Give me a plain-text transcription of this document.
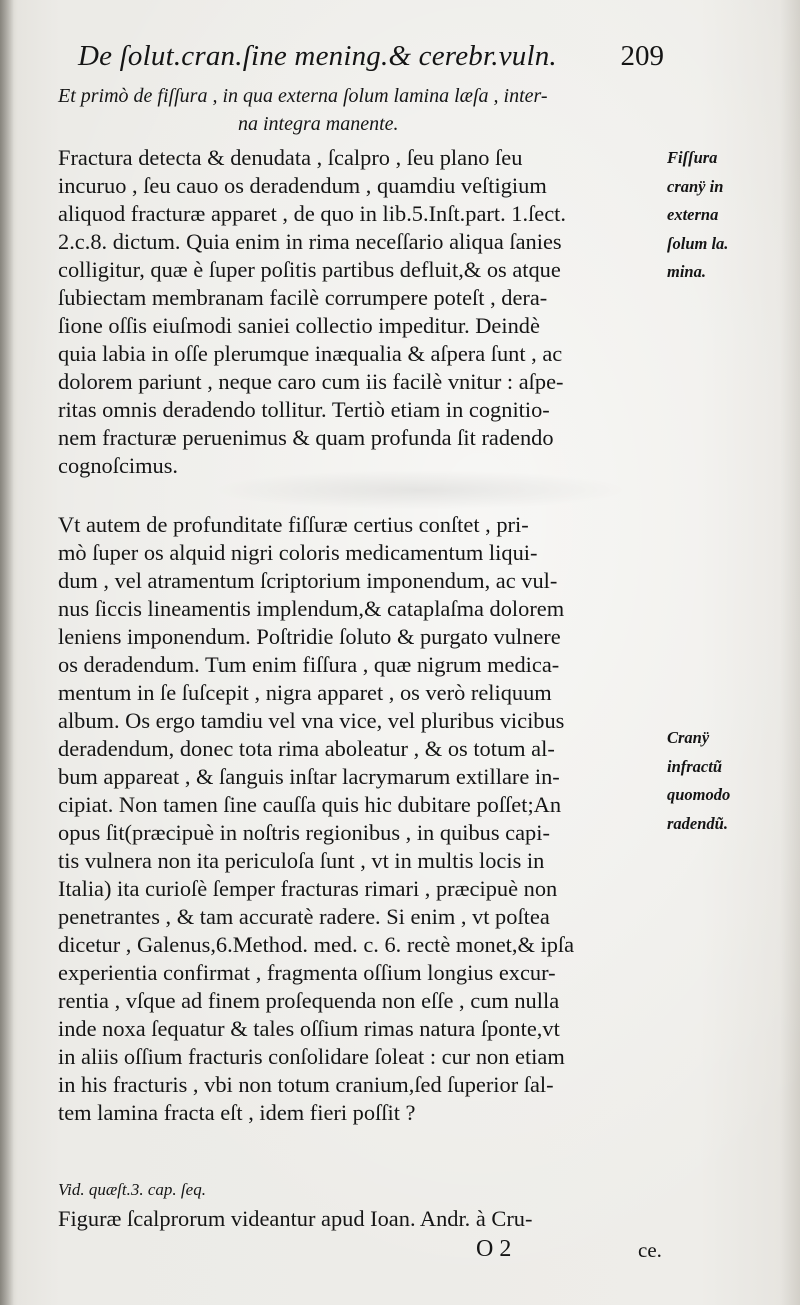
De ſolut.cran.ſine mening.& cerebr.vuln. 209
Et primò de fiſſura , in qua externa ſolum lamina læſa , inter-
na integra manente.
Fractura detecta & denudata , ſcalpro , ſeu plano ſeu
incuruo , ſeu cauo os deradendum , quamdiu veſtigium
aliquod fracturæ apparet , de quo in lib.5.Inſt.part. 1.ſect.
2.c.8. dictum. Quia enim in rima neceſſario aliqua ſanies
colligitur, quæ è ſuper poſitis partibus defluit,& os atque
ſubiectam membranam facilè corrumpere poteſt , dera-
ſione oſſis eiuſmodi saniei collectio impeditur. Deindè
quia labia in oſſe plerumque inæqualia & aſpera ſunt , ac
dolorem pariunt , neque caro cum iis facilè vnitur : aſpe-
ritas omnis deradendo tollitur. Tertiò etiam in cognitio-
nem fracturæ peruenimus & quam profunda ſit radendo
cognoſcimus.
Fiſſura
cranÿ in
externa
ſolum la.
mina.
Vt autem de profunditate fiſſuræ certius conſtet , pri-
mò ſuper os alquid nigri coloris medicamentum liqui-
dum , vel atramentum ſcriptorium imponendum, ac vul-
nus ſiccis lineamentis implendum,& cataplaſma dolorem
leniens imponendum. Poſtridie ſoluto & purgato vulnere
os deradendum. Tum enim fiſſura , quæ nigrum medica-
mentum in ſe ſuſcepit , nigra apparet , os verò reliquum
album. Os ergo tamdiu vel vna vice, vel pluribus vicibus
deradendum, donec tota rima aboleatur , & os totum al-
bum appareat , & ſanguis inſtar lacrymarum extillare in-
cipiat. Non tamen ſine cauſſa quis hic dubitare poſſet;An
opus ſit(præcipuè in noſtris regionibus , in quibus capi-
tis vulnera non ita periculoſa ſunt , vt in multis locis in
Italia) ita curioſè ſemper fracturas rimari , præcipuè non
penetrantes , & tam accuratè radere. Si enim , vt poſtea
dicetur , Galenus,6.Method. med. c. 6. rectè monet,& ipſa
experientia confirmat , fragmenta oſſium longius excur-
rentia , vſque ad finem proſequenda non eſſe , cum nulla
inde noxa ſequatur & tales oſſium rimas natura ſponte,vt
in aliis oſſium fracturis conſolidare ſoleat : cur non etiam
in his fracturis , vbi non totum cranium,ſed ſuperior ſal-
tem lamina fracta eſt , idem fieri poſſit ?
Cranÿ
infractũ
quomodo
radendũ.
Vid. quæſt.3. cap. ſeq.
Figuræ ſcalprorum videantur apud Ioan. Andr. à Cru-
O 2	ce.
